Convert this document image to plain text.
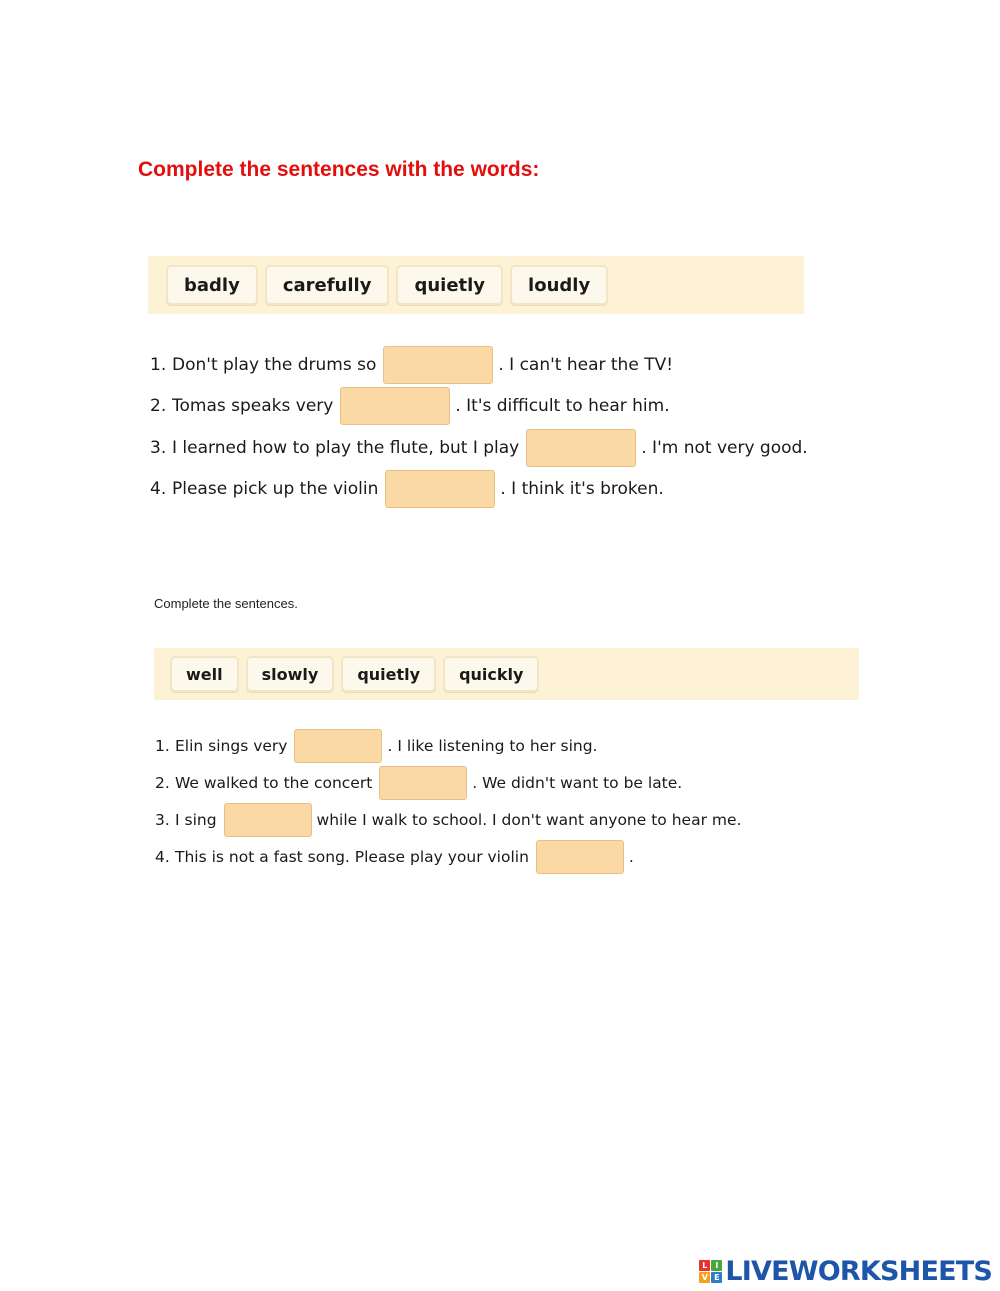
Complete the sentences with the words:
badly	carefully	quietly	loudly
1. Don't play the drums so	. I can't hear the TV!
2. Tomas speaks very	. It's difficult to hear him.
3. I learned how to play the flute, but I play	. I'm not very good.
4. Please pick up the violin	. I think it's broken.
Complete the sentences.
well	slowly	quietly	quickly
1. Elin sings very	. I like listening to her sing.
2. We walked to the concert	. We didn't want to be late.
3. I sing	while I walk to school. I don't want anyone to hear me.
4. This is not a fast song. Please play your violin	.
L I
V E LIVEWORKSHEETS
